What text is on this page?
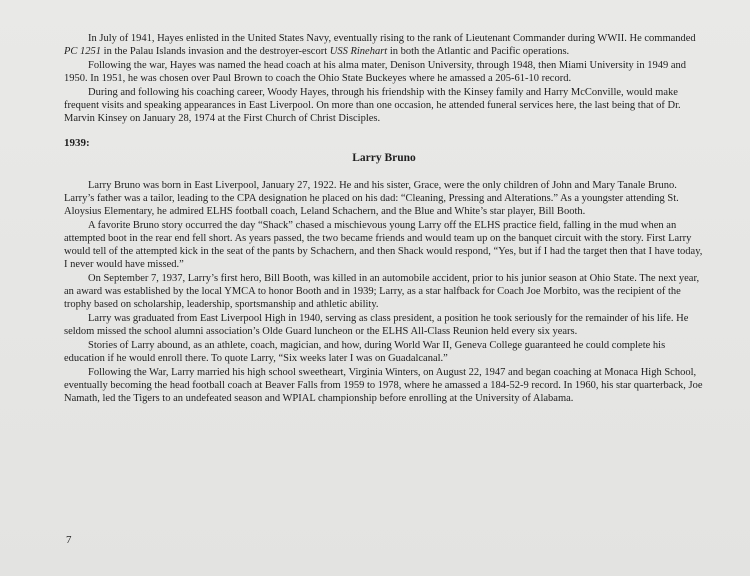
In July of 1941, Hayes enlisted in the United States Navy, eventually rising to the rank of Lieutenant Commander during WWII. He commanded PC 1251 in the Palau Islands invasion and the destroyer-escort USS Rinehart in both the Atlantic and Pacific operations.

Following the war, Hayes was named the head coach at his alma mater, Denison University, through 1948, then Miami University in 1949 and 1950. In 1951, he was chosen over Paul Brown to coach the Ohio State Buckeyes where he amassed a 205-61-10 record.

During and following his coaching career, Woody Hayes, through his friendship with the Kinsey family and Harry McConville, would make frequent visits and speaking appearances in East Liverpool. On more than one occasion, he attended funeral services here, the last being that of Dr. Marvin Kinsey on January 28, 1974 at the First Church of Christ Disciples.

1939:
Larry Bruno

Larry Bruno was born in East Liverpool, January 27, 1922. He and his sister, Grace, were the only children of John and Mary Tanale Bruno. Larry’s father was a tailor, leading to the CPA designation he placed on his dad: “Cleaning, Pressing and Alterations.” As a youngster attending St. Aloysius Elementary, he admired ELHS football coach, Leland Schachern, and the Blue and White’s star player, Bill Booth.

A favorite Bruno story occurred the day “Shack” chased a mischievous young Larry off the ELHS practice field, falling in the mud when an attempted boot in the rear end fell short. As years passed, the two became friends and would team up on the banquet circuit with the story. First Larry would tell of the attempted kick in the seat of the pants by Schachern, and then Shack would respond, “Yes, but if I had the target then that I have today, I never would have missed.”

On September 7, 1937, Larry’s first hero, Bill Booth, was killed in an automobile accident, prior to his junior season at Ohio State. The next year, an award was established by the local YMCA to honor Booth and in 1939; Larry, as a star halfback for Coach Joe Morbito, was the recipient of the trophy based on scholarship, leadership, sportsmanship and athletic ability.

Larry was graduated from East Liverpool High in 1940, serving as class president, a position he took seriously for the remainder of his life. He seldom missed the school alumni association’s Olde Guard luncheon or the ELHS All-Class Reunion held every six years.

Stories of Larry abound, as an athlete, coach, magician, and how, during World War II, Geneva College guaranteed he could complete his education if he would enroll there. To quote Larry, “Six weeks later I was on Guadalcanal.”

Following the War, Larry married his high school sweetheart, Virginia Winters, on August 22, 1947 and began coaching at Monaca High School, eventually becoming the head football coach at Beaver Falls from 1959 to 1978, where he amassed a 184-52-9 record. In 1960, his star quarterback, Joe Namath, led the Tigers to an undefeated season and WPIAL championship before enrolling at the University of Alabama.

7
